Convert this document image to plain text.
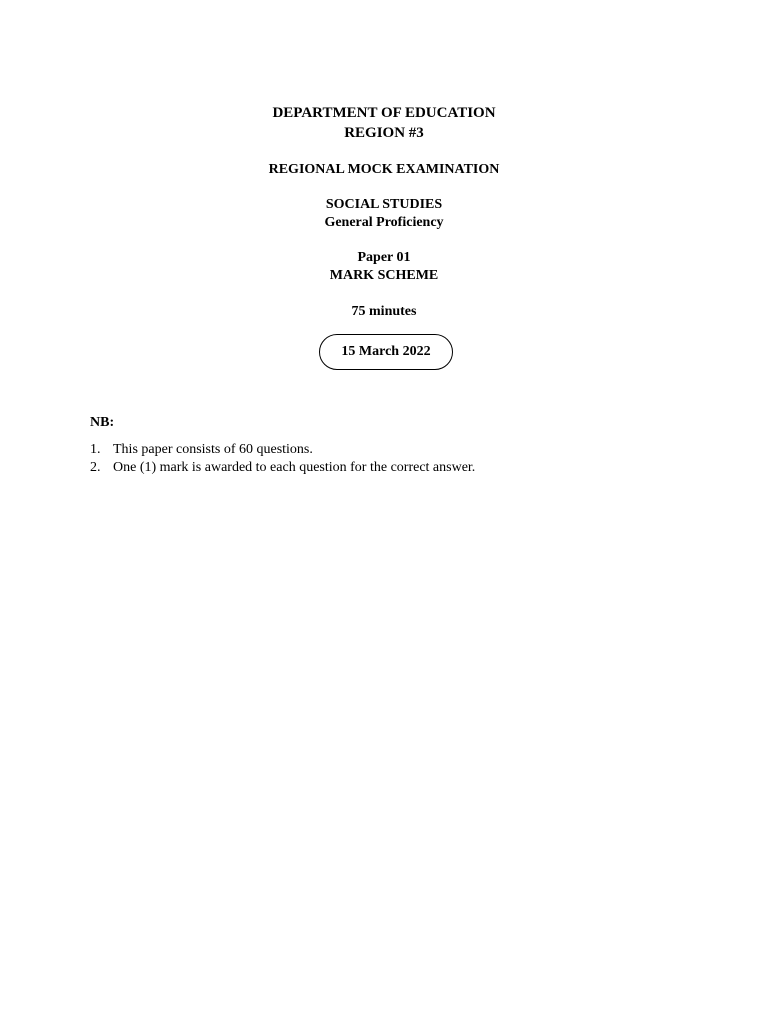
DEPARTMENT OF EDUCATION
REGION #3
REGIONAL MOCK EXAMINATION
SOCIAL STUDIES
General Proficiency
Paper 01
MARK SCHEME
75 minutes
15 March 2022
NB:
1. This paper consists of 60 questions.
2. One (1) mark is awarded to each question for the correct answer.
